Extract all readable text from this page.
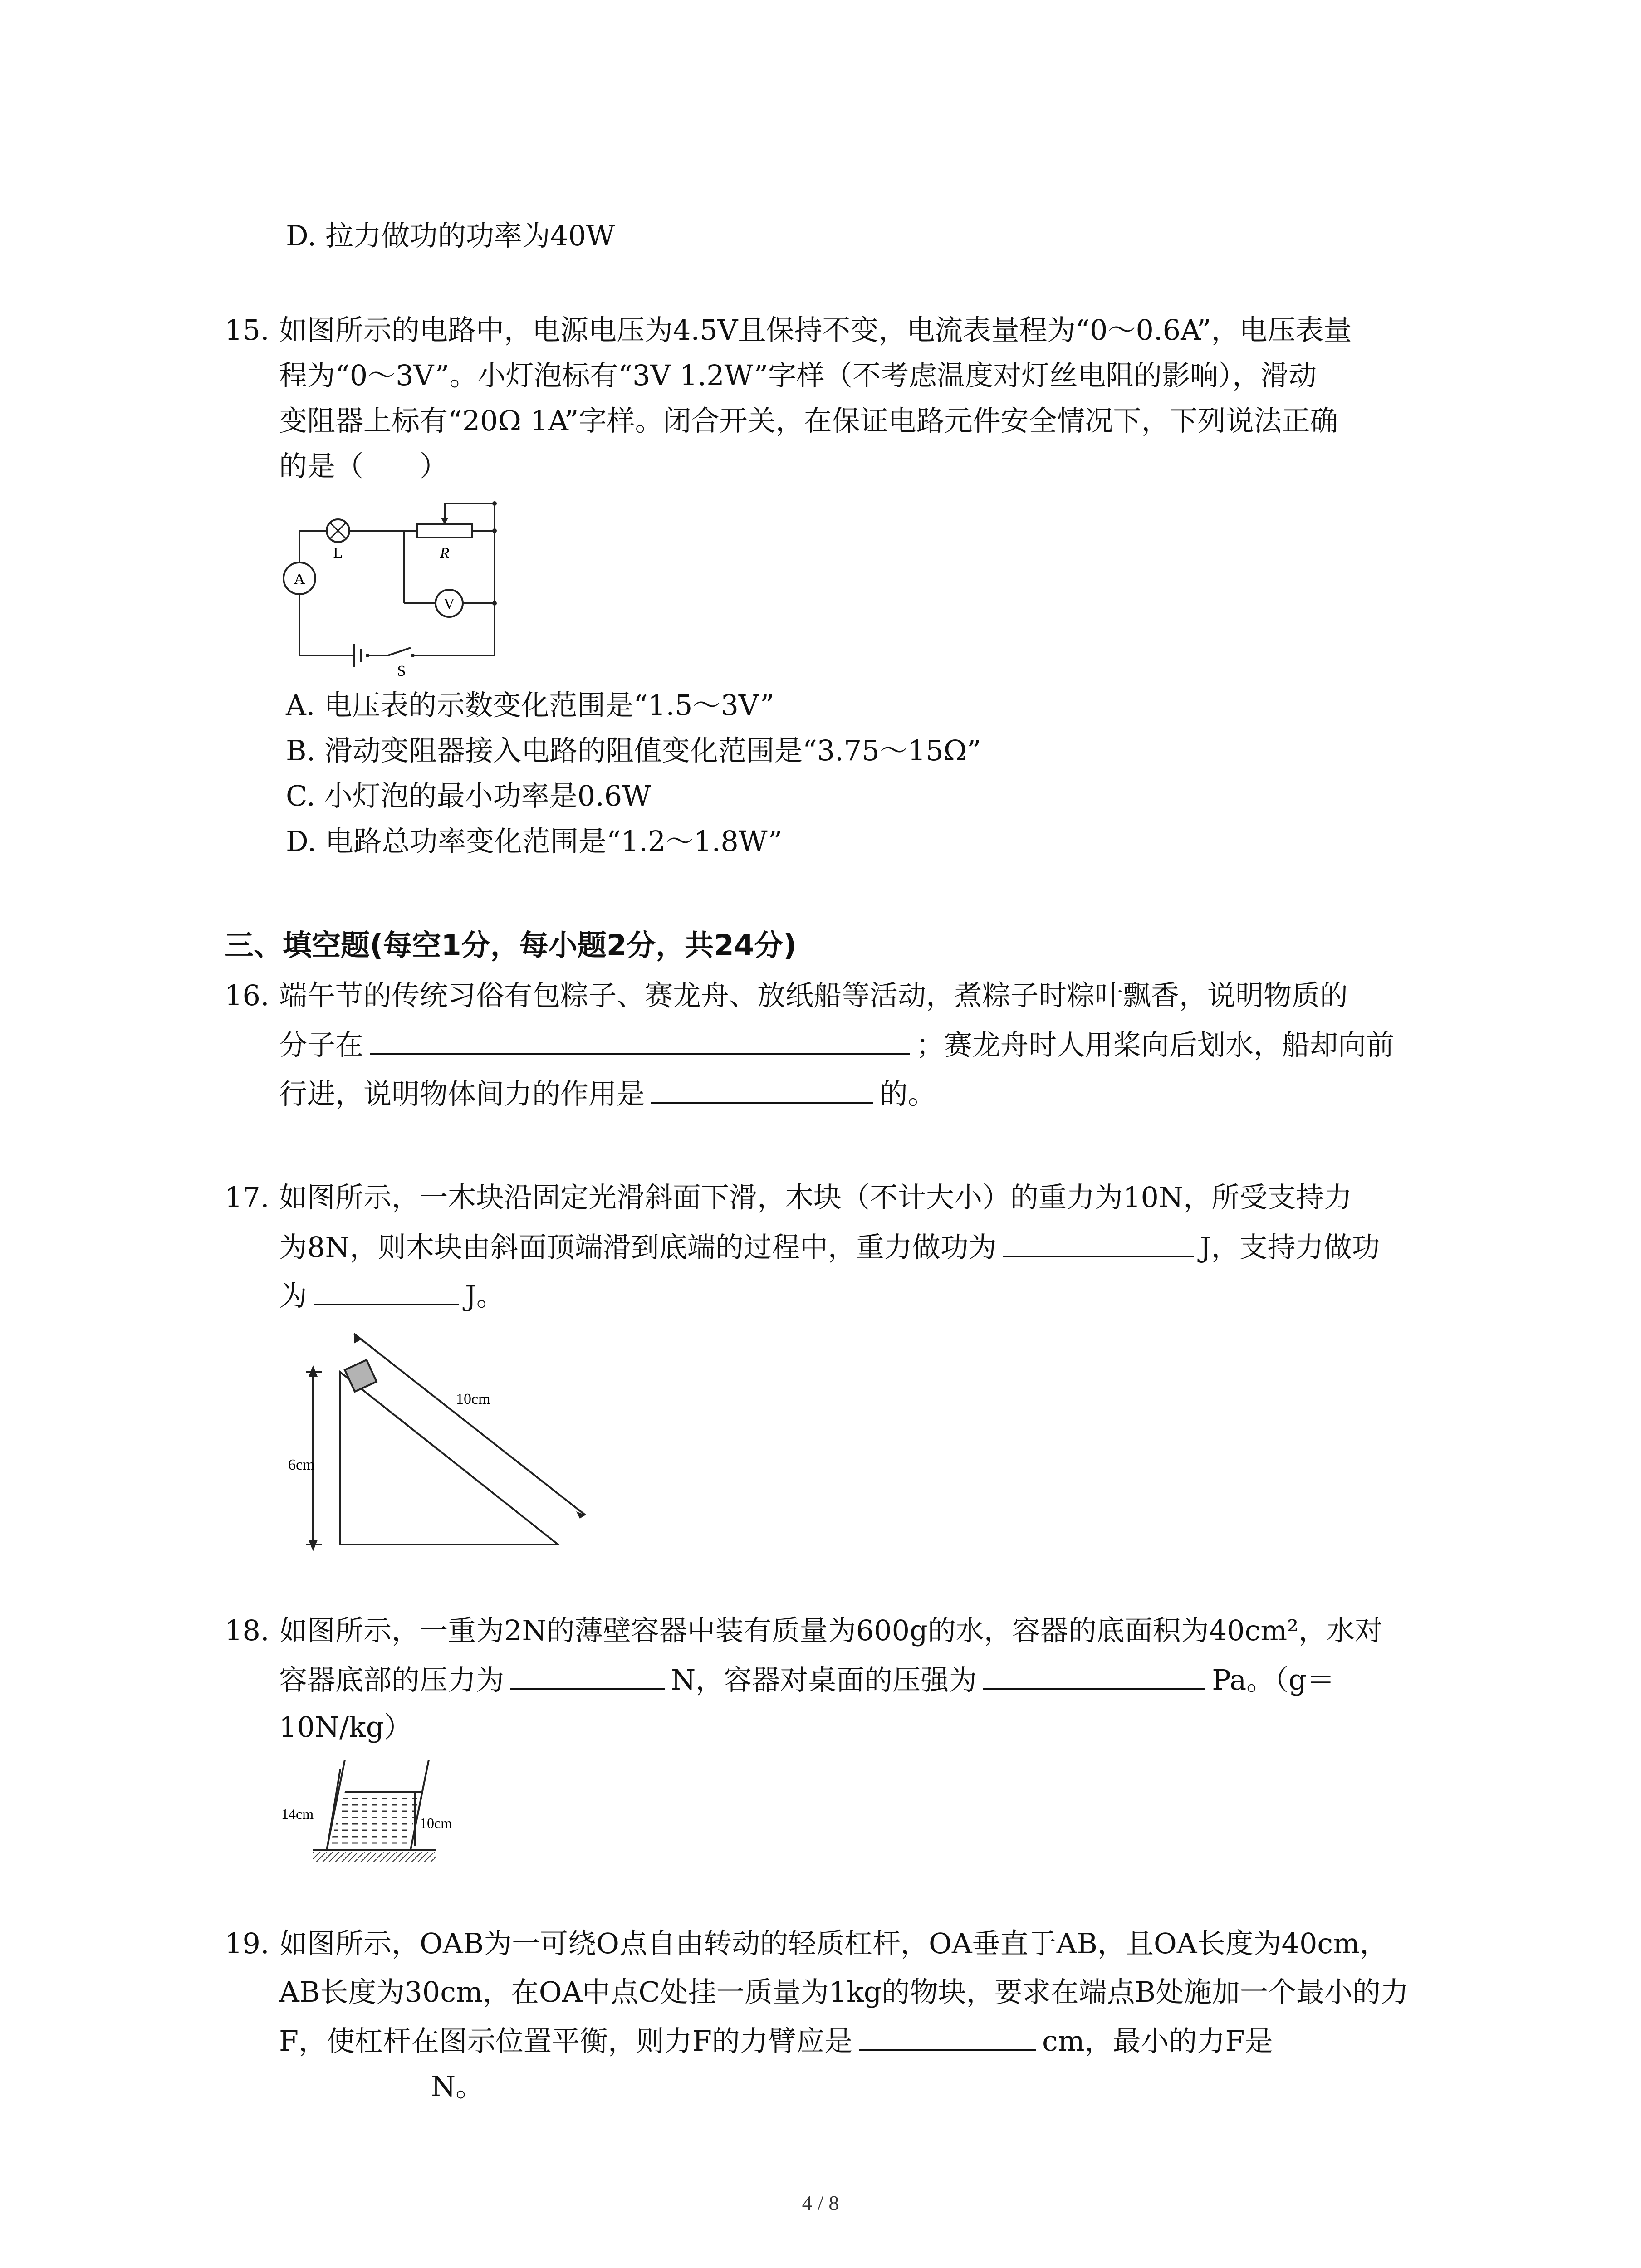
D. 拉力做功的功率为40W
15. 如图所示的电路中，电源电压为4.5V且保持不变，电流表量程为“0～0.6A”，电压表量
程为“0～3V”。小灯泡标有“3V 1.2W”字样（不考虑温度对灯丝电阻的影响），滑动
变阻器上标有“20Ω 1A”字样。闭合开关，在保证电路元件安全情况下，下列说法正确
的是（　　）
L	R
A
V
S
A. 电压表的示数变化范围是“1.5～3V”
B. 滑动变阻器接入电路的阻值变化范围是“3.75～15Ω”
C. 小灯泡的最小功率是0.6W
D. 电路总功率变化范围是“1.2～1.8W”
三、填空题(每空1分，每小题2分，共24分)
16. 端午节的传统习俗有包粽子、赛龙舟、放纸船等活动，煮粽子时粽叶飘香，说明物质的
分子在	；赛龙舟时人用桨向后划水，船却向前
行进，说明物体间力的作用是	的。
17. 如图所示，一木块沿固定光滑斜面下滑，木块（不计大小）的重力为10N，所受支持力
为8N，则木块由斜面顶端滑到底端的过程中，重力做功为	J，支持力做功
为	J。
10cm
6cm
18. 如图所示，一重为2N的薄壁容器中装有质量为600g的水，容器的底面积为40cm²，水对
容器底部的压力为	N，容器对桌面的压强为	Pa。（g＝
10N/kg）
14cm
10cm
19. 如图所示，OAB为一可绕O点自由转动的轻质杠杆，OA垂直于AB，且OA长度为40cm，
AB长度为30cm，在OA中点C处挂一质量为1kg的物块，要求在端点B处施加一个最小的力
F，使杠杆在图示位置平衡，则力F的力臂应是	cm，最小的力F是
N。
4 / 8
